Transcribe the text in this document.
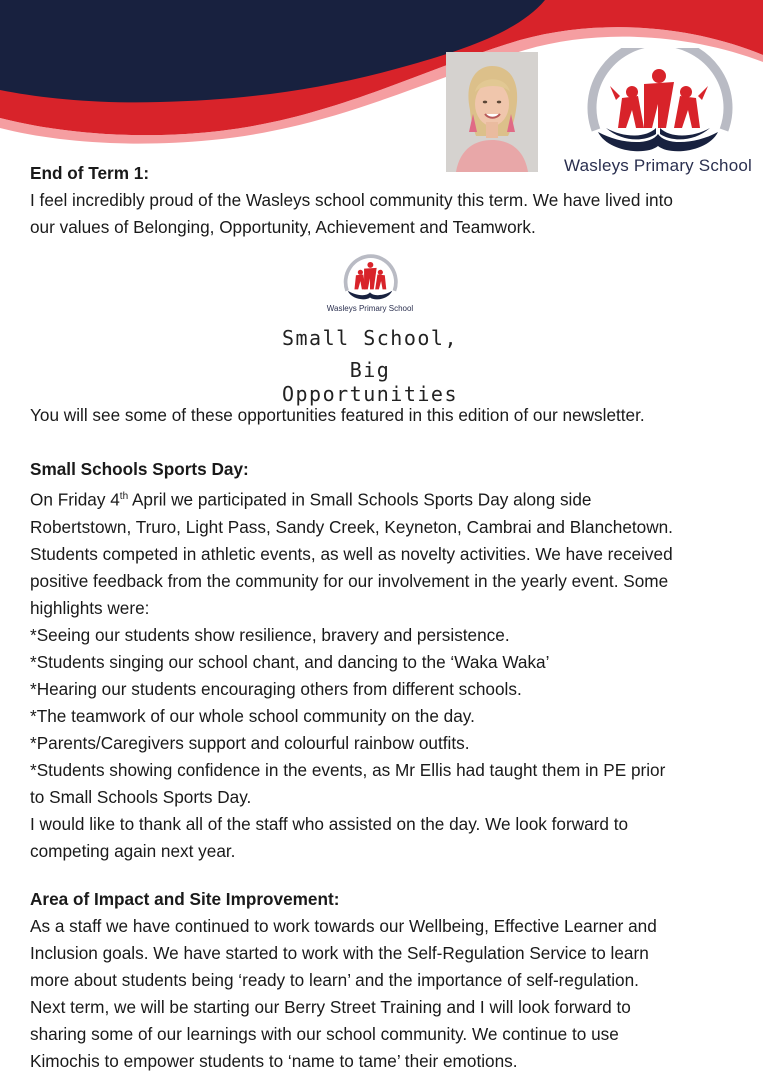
Wasleys Primary School

End of Term 1:

I feel incredibly proud of the Wasleys school community this term. We have lived into

our values of Belonging, Opportunity, Achievement and Teamwork.

Wasleys Primary School
Small School,
Big Opportunities

You will see some of these opportunities featured in this edition of our newsletter.

Small Schools Sports Day:

On Friday 4th April we participated in Small Schools Sports Day along side

Robertstown, Truro, Light Pass, Sandy Creek, Keyneton, Cambrai and Blanchetown.

Students competed in athletic events, as well as novelty activities. We have received

positive feedback from the community for our involvement in the yearly event. Some

highlights were:

*Seeing our students show resilience, bravery and persistence.

*Students singing our school chant, and dancing to the ‘Waka Waka’

*Hearing our students encouraging others from different schools.

*The teamwork of our whole school community on the day.

*Parents/Caregivers support and colourful rainbow outfits.

*Students showing confidence in the events, as Mr Ellis had taught them in PE prior

to Small Schools Sports Day.

I would like to thank all of the staff who assisted on the day. We look forward to

competing again next year.

Area of Impact and Site Improvement:

As a staff we have continued to work towards our Wellbeing, Effective Learner and

Inclusion goals. We have started to work with the Self-Regulation Service to learn

more about students being ‘ready to learn’ and the importance of self-regulation.

Next term, we will be starting our Berry Street Training and I will look forward to

sharing some of our learnings with our school community. We continue to use

Kimochis to empower students to ‘name to tame’ their emotions.
